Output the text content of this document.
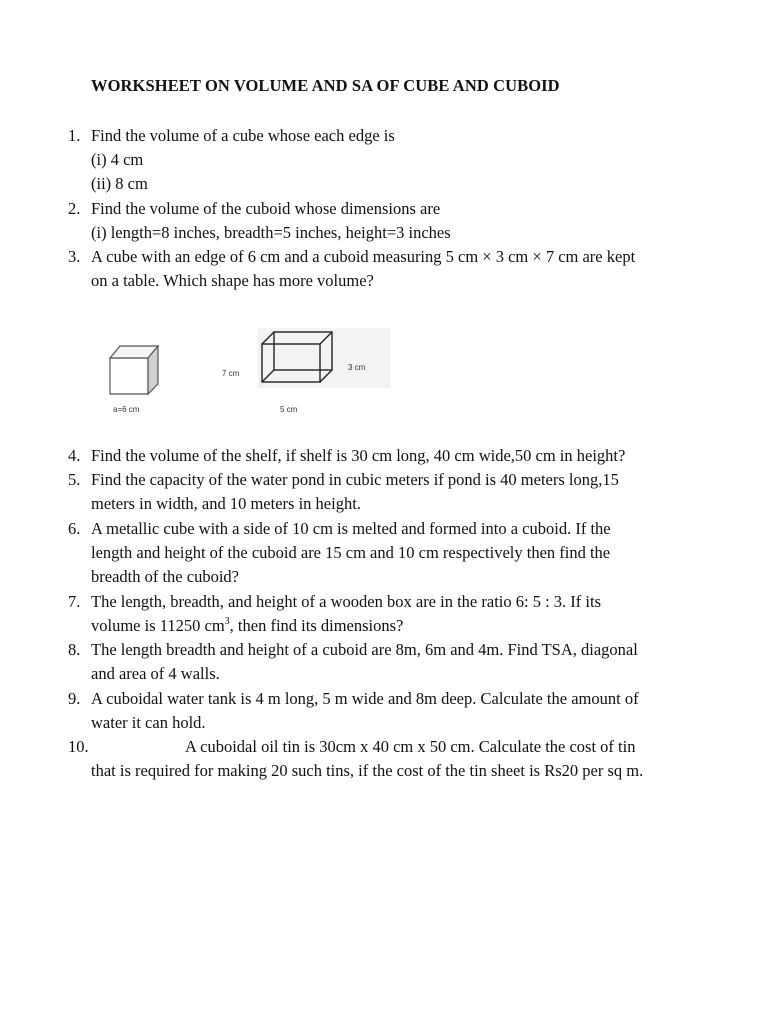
WORKSHEET ON VOLUME AND SA OF CUBE AND CUBOID
1. Find the volume of a cube whose each edge is
(i) 4 cm
(ii) 8 cm
2. Find the volume of the cuboid whose dimensions are
(i) length=8 inches, breadth=5 inches, height=3 inches
3. A cube with an edge of 6 cm and a cuboid measuring 5 cm × 3 cm × 7 cm are kept
on a table. Which shape has more volume?
a=6 cm
7 cm
3 cm
5 cm
4. Find the volume of the shelf, if shelf is 30 cm long, 40 cm wide,50 cm in height?
5. Find the capacity of the water pond in cubic meters if pond is 40 meters long,15
meters in width, and 10 meters in height.
6. A metallic cube with a side of 10 cm is melted and formed into a cuboid. If the
length and height of the cuboid are 15 cm and 10 cm respectively then find the
breadth of the cuboid?
7. The length, breadth, and height of a wooden box are in the ratio 6: 5 : 3. If its
volume is 11250 $cm^3$, then find its dimensions?
8. The length breadth and height of a cuboid are 8m, 6m and 4m. Find TSA, diagonal
and area of 4 walls.
9. A cuboidal water tank is 4 m long, 5 m wide and 8m deep. Calculate the amount of
water it can hold.
10.	A cuboidal oil tin is 30cm x 40 cm x 50 cm. Calculate the cost of tin
that is required for making 20 such tins, if the cost of the tin sheet is Rs20 per sq m.
